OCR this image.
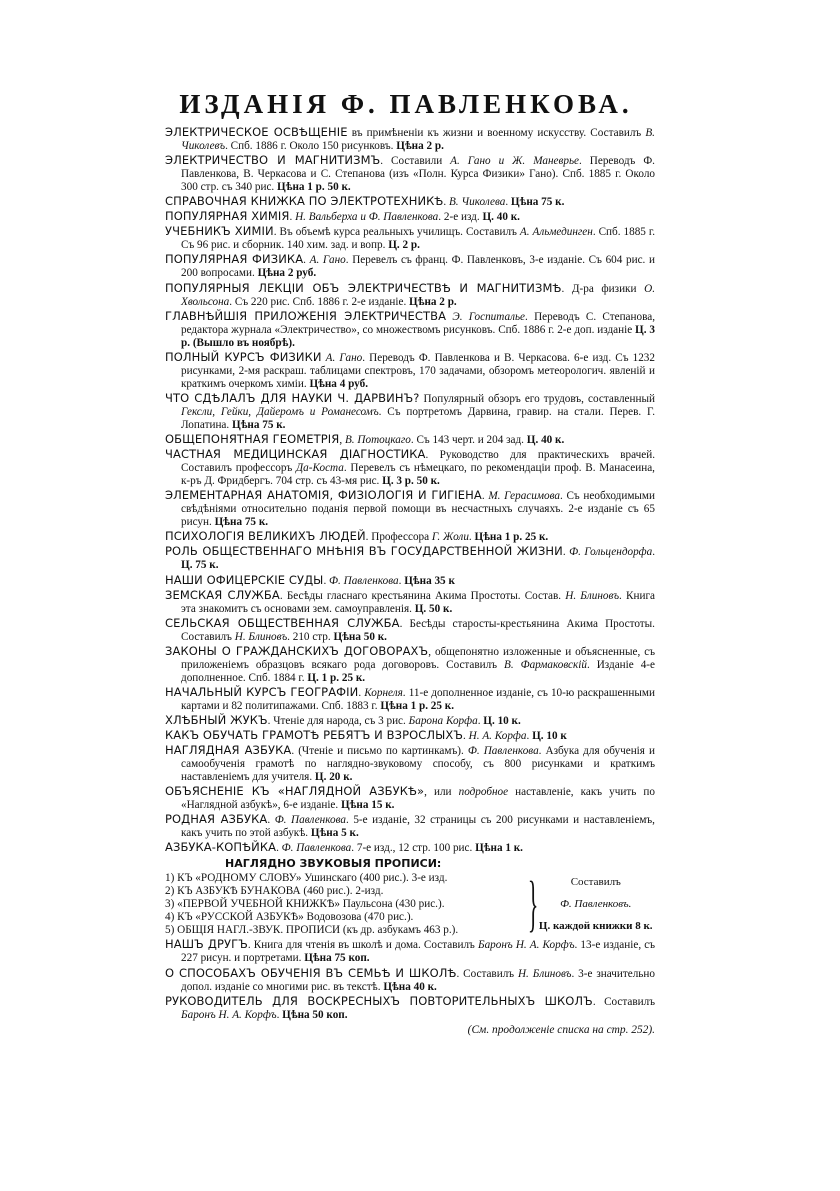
ИЗДАНІЯ Ф. ПАВЛЕНКОВА.
ЭЛЕКТРИЧЕСКОЕ ОСВѢЩЕНІЕ въ примѣненіи къ жизни и военному искусству. Составилъ В. Чиколевъ. Спб. 1886 г. Около 150 рисунковъ. Цѣна 2 р.
ЭЛЕКТРИЧЕСТВО И МАГНИТИЗМЪ. Составили А. Гано и Ж. Маневрье. Переводъ Ф. Павленкова, В. Черкасова и С. Степанова (изъ «Полн. Курса Физики» Гано). Спб. 1885 г. Около 300 стр. съ 340 рис. Цѣна 1 р. 50 к.
СПРАВОЧНАЯ КНИЖКА ПО ЭЛЕКТРОТЕХНИКѢ. В. Чиколева. Цѣна 75 к.
ПОПУЛЯРНАЯ ХИМІЯ. Н. Вальберха и Ф. Павленкова. 2-е изд. Ц. 40 к.
УЧЕБНИКЪ ХИМІИ. Въ объемѣ курса реальныхъ училищъ. Составилъ А. Альмединген. Спб. 1885 г. Съ 96 рис. и сборник. 140 хим. зад. и вопр. Ц. 2 р.
ПОПУЛЯРНАЯ ФИЗИКА. А. Гано. Перевелъ съ франц. Ф. Павленковъ, 3-е изданіе. Съ 604 рис. и 200 вопросами. Цѣна 2 руб.
ПОПУЛЯРНЫЯ ЛЕКЦІИ ОБЪ ЭЛЕКТРИЧЕСТВѢ И МАГНИТИЗМѢ. Д-ра физики О. Хвольсона. Съ 220 рис. Спб. 1886 г. 2-е изданіе. Цѣна 2 р.
ГЛАВНѢЙШІЯ ПРИЛОЖЕНІЯ ЭЛЕКТРИЧЕСТВА Э. Госпиталье. Переводъ С. Степанова, редактора журнала «Электричество», со множествомъ рисунковъ. Спб. 1886 г. 2-е доп. изданіе Ц. 3 р. (Вышло въ ноябрѣ).
ПОЛНЫЙ КУРСЪ ФИЗИКИ А. Гано. Переводъ Ф. Павленкова и В. Черкасова. 6-е изд. Съ 1232 рисунками, 2-мя раскраш. таблицами спектровъ, 170 задачами, обзоромъ метеорологич. явленій и краткимъ очеркомъ химіи. Цѣна 4 руб.
ЧТО СДѢЛАЛЪ ДЛЯ НАУКИ Ч. ДАРВИНЪ? Популярный обзоръ его трудовъ, составленный Гексли, Гейки, Дайеромъ и Романесомъ. Съ портретомъ Дарвина, гравир. на стали. Перев. Г. Лопатина. Цѣна 75 к.
ОБЩЕПОНЯТНАЯ ГЕОМЕТРІЯ, В. Потоцкаго. Съ 143 черт. и 204 зад. Ц. 40 к.
ЧАСТНАЯ МЕДИЦИНСКАЯ ДІАГНОСТИКА. Руководство для практическихъ врачей. Составилъ профессоръ Да-Коста. Перевелъ съ нѣмецкаго, по рекомендаціи проф. В. Манасеина, к-ръ Д. Фридбергъ. 704 стр. съ 43-мя рис. Ц. 3 р. 50 к.
ЭЛЕМЕНТАРНАЯ АНАТОМІЯ, ФИЗІОЛОГІЯ И ГИГІЕНА. М. Герасимова. Съ необходимыми свѣдѣніями относительно поданія первой помощи въ несчастныхъ случаяхъ. 2-е изданіе съ 65 рисун. Цѣна 75 к.
ПСИХОЛОГІЯ ВЕЛИКИХЪ ЛЮДЕЙ. Профессора Г. Жоли. Цѣна 1 р. 25 к.
РОЛЬ ОБЩЕСТВЕННАГО МНѢНІЯ ВЪ ГОСУДАРСТВЕННОЙ ЖИЗНИ. Ф. Гольцендорфа. Ц. 75 к.
НАШИ ОФИЦЕРСКІЕ СУДЫ. Ф. Павленкова. Цѣна 35 к
ЗЕМСКАЯ СЛУЖБА. Бесѣды гласнаго крестьянина Акима Простоты. Состав. Н. Блиновъ. Книга эта знакомитъ съ основами зем. самоуправленія. Ц. 50 к.
СЕЛЬСКАЯ ОБЩЕСТВЕННАЯ СЛУЖБА. Бесѣды старосты-крестьянина Акима Простоты. Составилъ Н. Блиновъ. 210 стр. Цѣна 50 к.
ЗАКОНЫ О ГРАЖДАНСКИХЪ ДОГОВОРАХЪ, общепонятно изложенные и объясненные, съ приложеніемъ образцовъ всякаго рода договоровъ. Составилъ В. Фармаковскій. Изданіе 4-е дополненное. Спб. 1884 г. Ц. 1 р. 25 к.
НАЧАЛЬНЫЙ КУРСЪ ГЕОГРАФІИ. Корнеля. 11-е дополненное изданіе, съ 10-ю раскрашенными картами и 82 политипажами. Спб. 1883 г. Цѣна 1 р. 25 к.
ХЛѢБНЫЙ ЖУКЪ. Чтеніе для народа, съ 3 рис. Барона Корфа. Ц. 10 к.
КАКЪ ОБУЧАТЬ ГРАМОТѢ РЕБЯТЪ И ВЗРОСЛЫХЪ. Н. А. Корфа. Ц. 10 к
НАГЛЯДНАЯ АЗБУКА. (Чтеніе и письмо по картинкамъ). Ф. Павленкова. Азбука для обученія и самообученія грамотѣ по наглядно-звуковому способу, съ 800 рисунками и краткимъ наставленіемъ для учителя. Ц. 20 к.
ОБЪЯСНЕНІЕ КЪ «НАГЛЯДНОЙ АЗБУКѢ», или подробное наставленіе, какъ учить по «Наглядной азбукѣ», 6-е изданіе. Цѣна 15 к.
РОДНАЯ АЗБУКА. Ф. Павленкова. 5-е изданіе, 32 страницы съ 200 рисунками и наставленіемъ, какъ учить по этой азбукѣ. Цѣна 5 к.
АЗБУКА-КОПѢЙКА. Ф. Павленкова. 7-е изд., 12 стр. 100 рис. Цѣна 1 к.
НАГЛЯДНО ЗВУКОВЫЯ ПРОПИСИ:
1) КЪ «РОДНОМУ СЛОВУ» Ушинскаго (400 рис.). 3-е изд.
2) КЪ АЗБУКѢ БУНАКОВА (460 рис.). 2-изд.
3) «ПЕРВОЙ УЧЕБНОЙ КНИЖКѢ» Паульсона (430 рис.).
4) КЪ «РУССКОЙ АЗБУКѢ» Водовозова (470 рис.).
5) ОБЩІЯ НАГЛ.-ЗВУК. ПРОПИСИ (къ др. азбукамъ 463 р.).	}	Составилъ
Ф. Павленковъ.
Ц. каждой книжки 8 к.
НАШЪ ДРУГЪ. Книга для чтенія въ школѣ и дома. Составилъ Баронъ Н. А. Корфъ. 13-е изданіе, съ 227 рисун. и портретами. Цѣна 75 коп.
О СПОСОБАХЪ ОБУЧЕНІЯ ВЪ СЕМЬѢ И ШКОЛѢ. Составилъ Н. Блиновъ. 3-е значительно допол. изданіе со многими рис. въ текстѣ. Цѣна 40 к.
РУКОВОДИТЕЛЬ ДЛЯ ВОСКРЕСНЫХЪ ПОВТОРИТЕЛЬНЫХЪ ШКОЛЪ. Составилъ Баронъ Н. А. Корфъ. Цѣна 50 коп.
(См. продолженіе списка на стр. 252).
